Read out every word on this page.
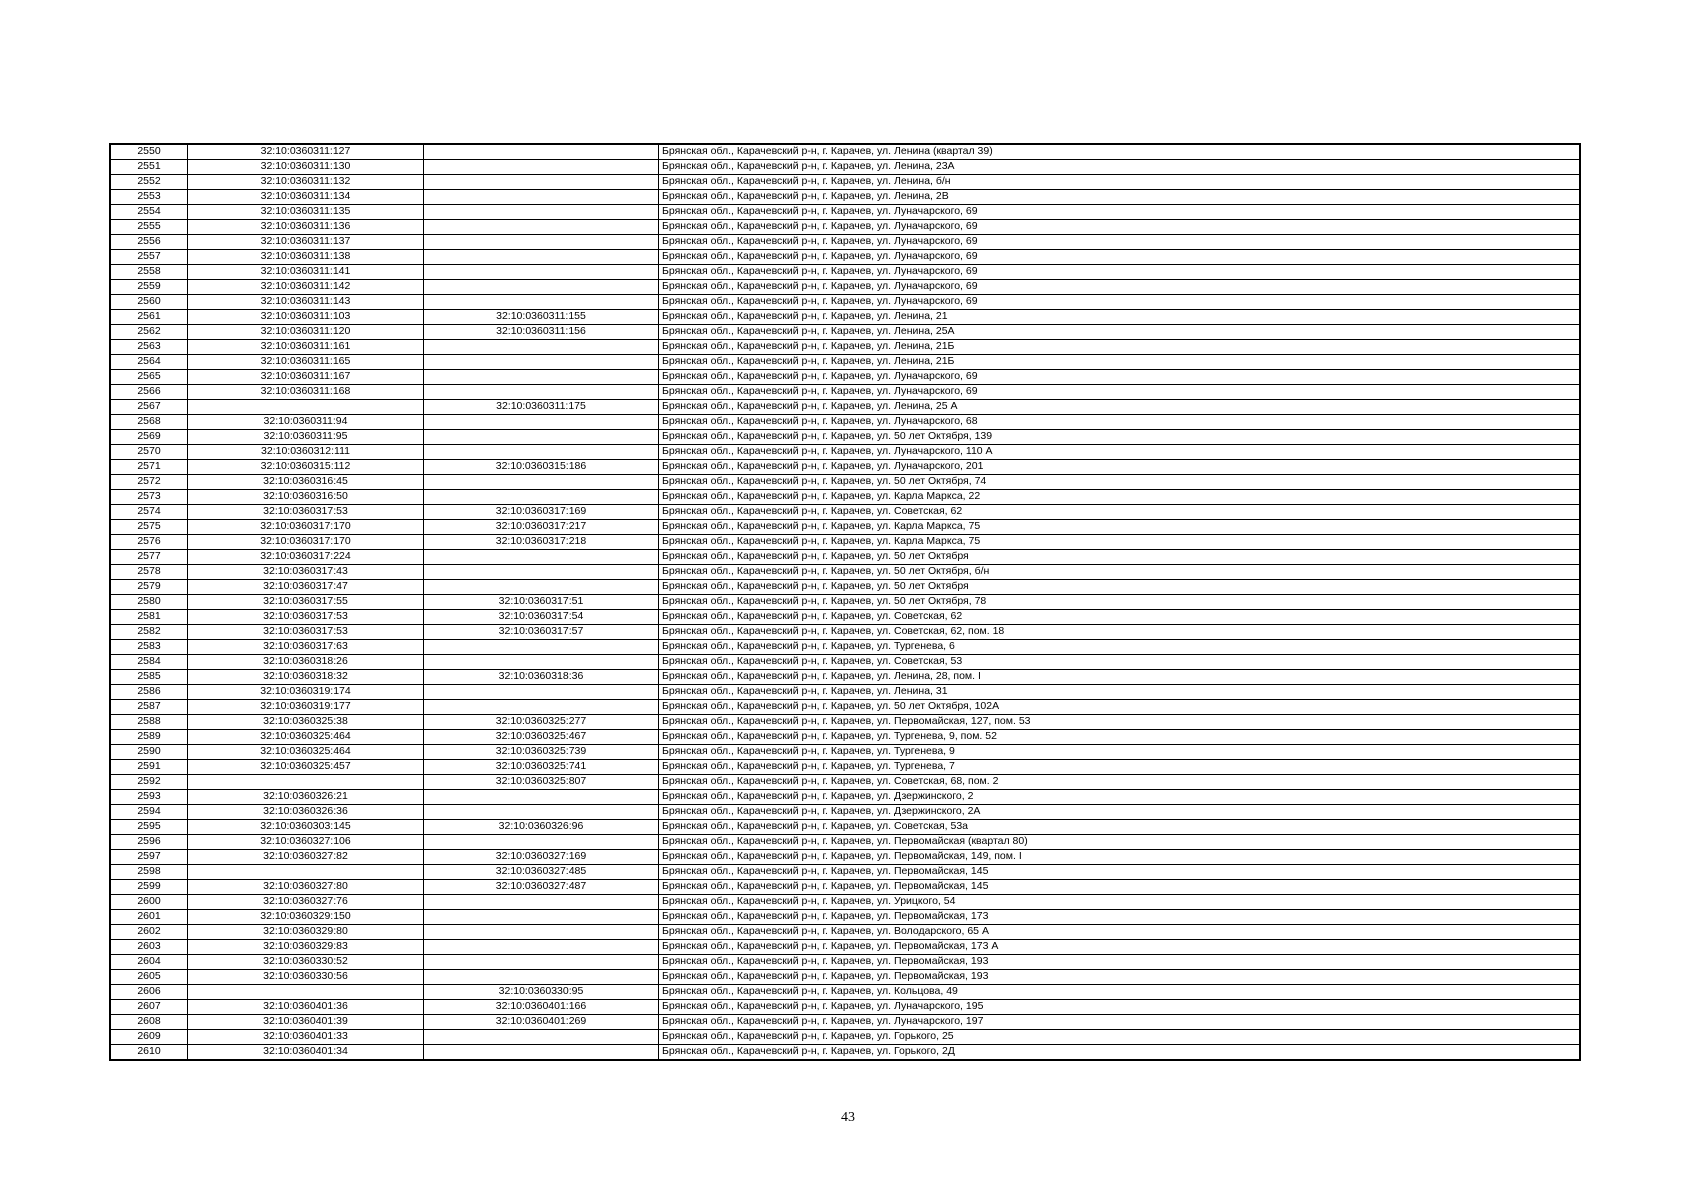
2550	32:10:0360311:127		Брянская обл., Карачевский р-н, г. Карачев, ул. Ленина (квартал 39)
2551	32:10:0360311:130		Брянская обл., Карачевский р-н, г. Карачев, ул. Ленина, 23А
2552	32:10:0360311:132		Брянская обл., Карачевский р-н, г. Карачев, ул. Ленина, б/н
2553	32:10:0360311:134		Брянская обл., Карачевский р-н, г. Карачев, ул. Ленина, 2В
2554	32:10:0360311:135		Брянская обл., Карачевский р-н, г. Карачев, ул. Луначарского, 69
2555	32:10:0360311:136		Брянская обл., Карачевский р-н, г. Карачев, ул. Луначарского, 69
2556	32:10:0360311:137		Брянская обл., Карачевский р-н, г. Карачев, ул. Луначарского, 69
2557	32:10:0360311:138		Брянская обл., Карачевский р-н, г. Карачев, ул. Луначарского, 69
2558	32:10:0360311:141		Брянская обл., Карачевский р-н, г. Карачев, ул. Луначарского, 69
2559	32:10:0360311:142		Брянская обл., Карачевский р-н, г. Карачев, ул. Луначарского, 69
2560	32:10:0360311:143		Брянская обл., Карачевский р-н, г. Карачев, ул. Луначарского, 69
2561	32:10:0360311:103	32:10:0360311:155	Брянская обл., Карачевский р-н, г. Карачев, ул. Ленина, 21
2562	32:10:0360311:120	32:10:0360311:156	Брянская обл., Карачевский р-н, г. Карачев, ул. Ленина, 25А
2563	32:10:0360311:161		Брянская обл., Карачевский р-н, г. Карачев, ул. Ленина, 21Б
2564	32:10:0360311:165		Брянская обл., Карачевский р-н, г. Карачев, ул. Ленина, 21Б
2565	32:10:0360311:167		Брянская обл., Карачевский р-н, г. Карачев, ул. Луначарского, 69
2566	32:10:0360311:168		Брянская обл., Карачевский р-н, г. Карачев, ул. Луначарского, 69
2567		32:10:0360311:175	Брянская обл., Карачевский р-н, г. Карачев, ул. Ленина, 25 А
2568	32:10:0360311:94		Брянская обл., Карачевский р-н, г. Карачев, ул. Луначарского, 68
2569	32:10:0360311:95		Брянская обл., Карачевский р-н, г. Карачев, ул. 50 лет Октября, 139
2570	32:10:0360312:111		Брянская обл., Карачевский р-н, г. Карачев, ул. Луначарского, 110 А
2571	32:10:0360315:112	32:10:0360315:186	Брянская обл., Карачевский р-н, г. Карачев, ул. Луначарского, 201
2572	32:10:0360316:45		Брянская обл., Карачевский р-н, г. Карачев, ул. 50 лет Октября, 74
2573	32:10:0360316:50		Брянская обл., Карачевский р-н, г. Карачев, ул. Карла Маркса, 22
2574	32:10:0360317:53	32:10:0360317:169	Брянская обл., Карачевский р-н, г. Карачев, ул. Советская, 62
2575	32:10:0360317:170	32:10:0360317:217	Брянская обл., Карачевский р-н, г. Карачев, ул. Карла Маркса, 75
2576	32:10:0360317:170	32:10:0360317:218	Брянская обл., Карачевский р-н, г. Карачев, ул. Карла Маркса, 75
2577	32:10:0360317:224		Брянская обл., Карачевский р-н, г. Карачев, ул. 50 лет Октября
2578	32:10:0360317:43		Брянская обл., Карачевский р-н, г. Карачев, ул. 50 лет Октября, б/н
2579	32:10:0360317:47		Брянская обл., Карачевский р-н, г. Карачев, ул. 50 лет Октября
2580	32:10:0360317:55	32:10:0360317:51	Брянская обл., Карачевский р-н, г. Карачев, ул. 50 лет Октября, 78
2581	32:10:0360317:53	32:10:0360317:54	Брянская обл., Карачевский р-н, г. Карачев, ул. Советская, 62
2582	32:10:0360317:53	32:10:0360317:57	Брянская обл., Карачевский р-н, г. Карачев, ул. Советская, 62, пом. 18
2583	32:10:0360317:63		Брянская обл., Карачевский р-н, г. Карачев, ул. Тургенева, 6
2584	32:10:0360318:26		Брянская обл., Карачевский р-н, г. Карачев, ул. Советская, 53
2585	32:10:0360318:32	32:10:0360318:36	Брянская обл., Карачевский р-н, г. Карачев, ул. Ленина, 28, пом. I
2586	32:10:0360319:174		Брянская обл., Карачевский р-н, г. Карачев, ул. Ленина, 31
2587	32:10:0360319:177		Брянская обл., Карачевский р-н, г. Карачев, ул. 50 лет Октября, 102А
2588	32:10:0360325:38	32:10:0360325:277	Брянская обл., Карачевский р-н, г. Карачев, ул. Первомайская, 127, пом. 53
2589	32:10:0360325:464	32:10:0360325:467	Брянская обл., Карачевский р-н, г. Карачев, ул. Тургенева, 9, пом. 52
2590	32:10:0360325:464	32:10:0360325:739	Брянская обл., Карачевский р-н, г. Карачев, ул. Тургенева, 9
2591	32:10:0360325:457	32:10:0360325:741	Брянская обл., Карачевский р-н, г. Карачев, ул. Тургенева, 7
2592		32:10:0360325:807	Брянская обл., Карачевский р-н, г. Карачев, ул. Советская, 68, пом. 2
2593	32:10:0360326:21		Брянская обл., Карачевский р-н, г. Карачев, ул. Дзержинского, 2
2594	32:10:0360326:36		Брянская обл., Карачевский р-н, г. Карачев, ул. Дзержинского, 2А
2595	32:10:0360303:145	32:10:0360326:96	Брянская обл., Карачевский р-н, г. Карачев, ул. Советская, 53а
2596	32:10:0360327:106		Брянская обл., Карачевский р-н, г. Карачев, ул. Первомайская (квартал 80)
2597	32:10:0360327:82	32:10:0360327:169	Брянская обл., Карачевский р-н, г. Карачев, ул. Первомайская, 149, пом. I
2598		32:10:0360327:485	Брянская обл., Карачевский р-н, г. Карачев, ул. Первомайская, 145
2599	32:10:0360327:80	32:10:0360327:487	Брянская обл., Карачевский р-н, г. Карачев, ул. Первомайская, 145
2600	32:10:0360327:76		Брянская обл., Карачевский р-н, г. Карачев, ул. Урицкого, 54
2601	32:10:0360329:150		Брянская обл., Карачевский р-н, г. Карачев, ул. Первомайская, 173
2602	32:10:0360329:80		Брянская обл., Карачевский р-н, г. Карачев, ул. Володарского, 65 А
2603	32:10:0360329:83		Брянская обл., Карачевский р-н, г. Карачев, ул. Первомайская, 173 А
2604	32:10:0360330:52		Брянская обл., Карачевский р-н, г. Карачев, ул. Первомайская, 193
2605	32:10:0360330:56		Брянская обл., Карачевский р-н, г. Карачев, ул. Первомайская, 193
2606		32:10:0360330:95	Брянская обл., Карачевский р-н, г. Карачев, ул. Кольцова, 49
2607	32:10:0360401:36	32:10:0360401:166	Брянская обл., Карачевский р-н, г. Карачев, ул. Луначарского, 195
2608	32:10:0360401:39	32:10:0360401:269	Брянская обл., Карачевский р-н, г. Карачев, ул. Луначарского, 197
2609	32:10:0360401:33		Брянская обл., Карачевский р-н, г. Карачев, ул. Горького, 25
2610	32:10:0360401:34		Брянская обл., Карачевский р-н, г. Карачев, ул. Горького, 2Д
43
